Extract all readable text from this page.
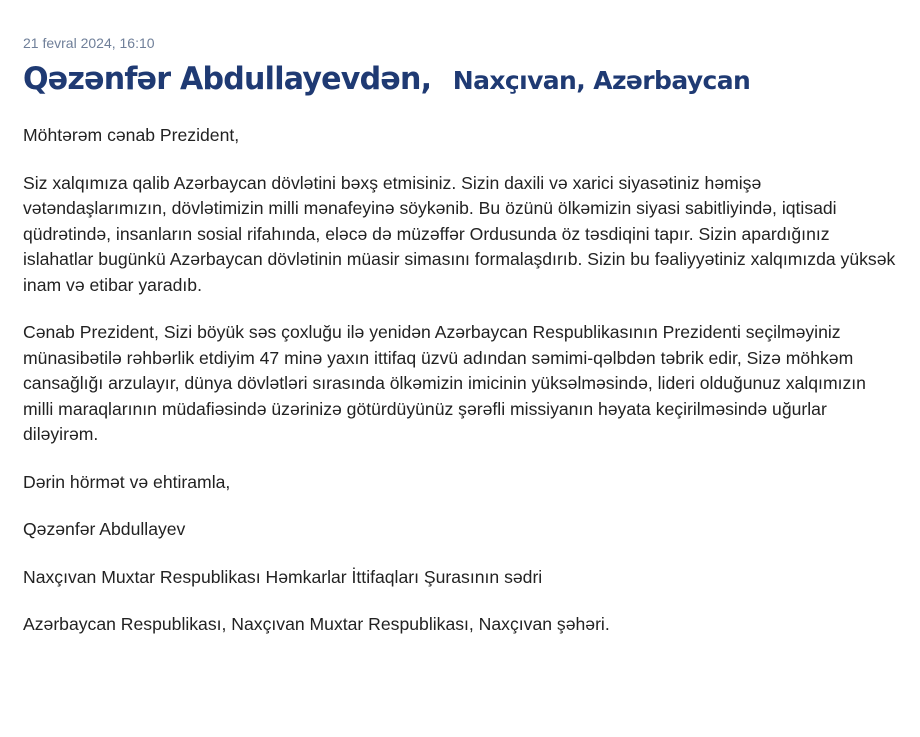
21 fevral 2024, 16:10
Qəzənfər Abdullayevdən, Naxçıvan, Azərbaycan

Möhtərəm cənab Prezident,

Siz xalqımıza qalib Azərbaycan dövlətini bəxş etmisiniz. Sizin daxili və xarici siyasətiniz həmişə vətəndaşlarımızın, dövlətimizin milli mənafeyinə söykənib. Bu özünü ölkəmizin siyasi sabitliyində, iqtisadi qüdrətində, insanların sosial rifahında, eləcə də müzəffər Ordusunda öz təsdiqini tapır. Sizin apardığınız islahatlar bugünkü Azərbaycan dövlətinin müasir simasını formalaşdırıb. Sizin bu fəaliyyətiniz xalqımızda yüksək inam və etibar yaradıb.

Cənab Prezident, Sizi böyük səs çoxluğu ilə yenidən Azərbaycan Respublikasının Prezidenti seçilməyiniz münasibətilə rəhbərlik etdiyim 47 minə yaxın ittifaq üzvü adından səmimi-qəlbdən təbrik edir, Sizə möhkəm cansağlığı arzulayır, dünya dövlətləri sırasında ölkəmizin imicinin yüksəlməsində, lideri olduğunuz xalqımızın milli maraqlarının müdafiəsində üzərinizə götürdüyünüz şərəfli missiyanın həyata keçirilməsində uğurlar diləyirəm.

Dərin hörmət və ehtiramla,

Qəzənfər Abdullayev

Naxçıvan Muxtar Respublikası Həmkarlar İttifaqları Şurasının sədri

Azərbaycan Respublikası, Naxçıvan Muxtar Respublikası, Naxçıvan şəhəri.
